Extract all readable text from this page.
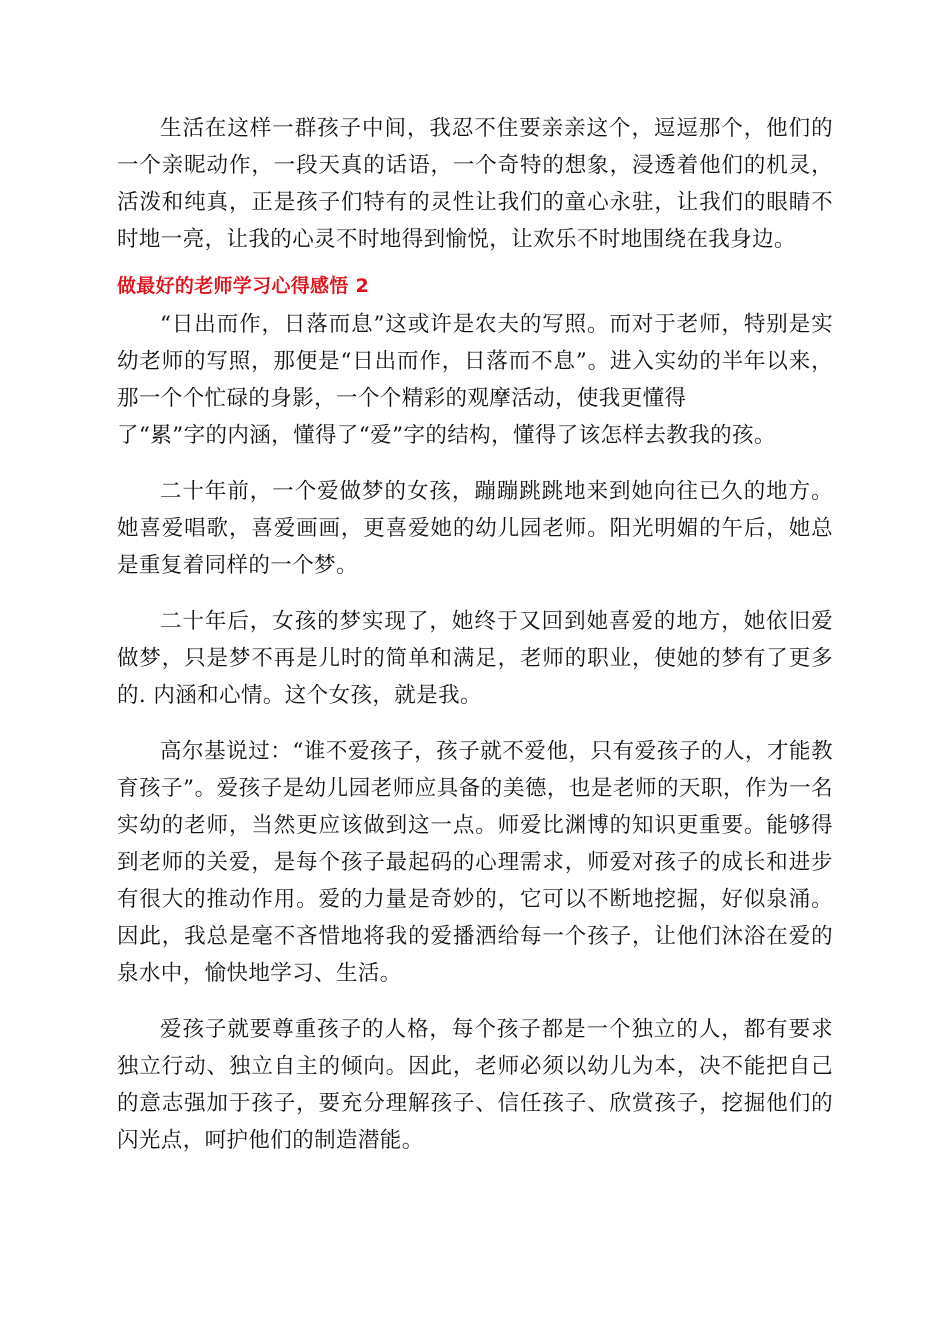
生活在这样一群孩子中间，我忍不住要亲亲这个，逗逗那个，他们的一个亲昵动作，一段天真的话语，一个奇特的想象，浸透着他们的机灵，活泼和纯真，正是孩子们特有的灵性让我们的童心永驻，让我们的眼睛不时地一亮，让我的心灵不时地得到愉悦，让欢乐不时地围绕在我身边。

做最好的老师学习心得感悟 2

“日出而作，日落而息”这或许是农夫的写照。而对于老师，特别是实幼老师的写照，那便是“日出而作，日落而不息”。进入实幼的半年以来，那一个个忙碌的身影，一个个精彩的观摩活动，使我更懂得
了“累”字的内涵，懂得了“爱”字的结构，懂得了该怎样去教我的孩。

二十年前，一个爱做梦的女孩，蹦蹦跳跳地来到她向往已久的地方。她喜爱唱歌，喜爱画画，更喜爱她的幼儿园老师。阳光明媚的午后，她总是重复着同样的一个梦。

二十年后，女孩的梦实现了，她终于又回到她喜爱的地方，她依旧爱做梦，只是梦不再是儿时的简单和满足，老师的职业，使她的梦有了更多的. 内涵和心情。这个女孩，就是我。

高尔基说过：“谁不爱孩子，孩子就不爱他，只有爱孩子的人，才能教育孩子”。爱孩子是幼儿园老师应具备的美德，也是老师的天职，作为一名实幼的老师，当然更应该做到这一点。师爱比渊博的知识更重要。能够得到老师的关爱，是每个孩子最起码的心理需求，师爱对孩子的成长和进步有很大的推动作用。爱的力量是奇妙的，它可以不断地挖掘，好似泉涌。因此，我总是毫不吝惜地将我的爱播洒给每一个孩子，让他们沐浴在爱的泉水中，愉快地学习、生活。

爱孩子就要尊重孩子的人格，每个孩子都是一个独立的人，都有要求独立行动、独立自主的倾向。因此，老师必须以幼儿为本，决不能把自己的意志强加于孩子，要充分理解孩子、信任孩子、欣赏孩子，挖掘他们的闪光点，呵护他们的制造潜能。
